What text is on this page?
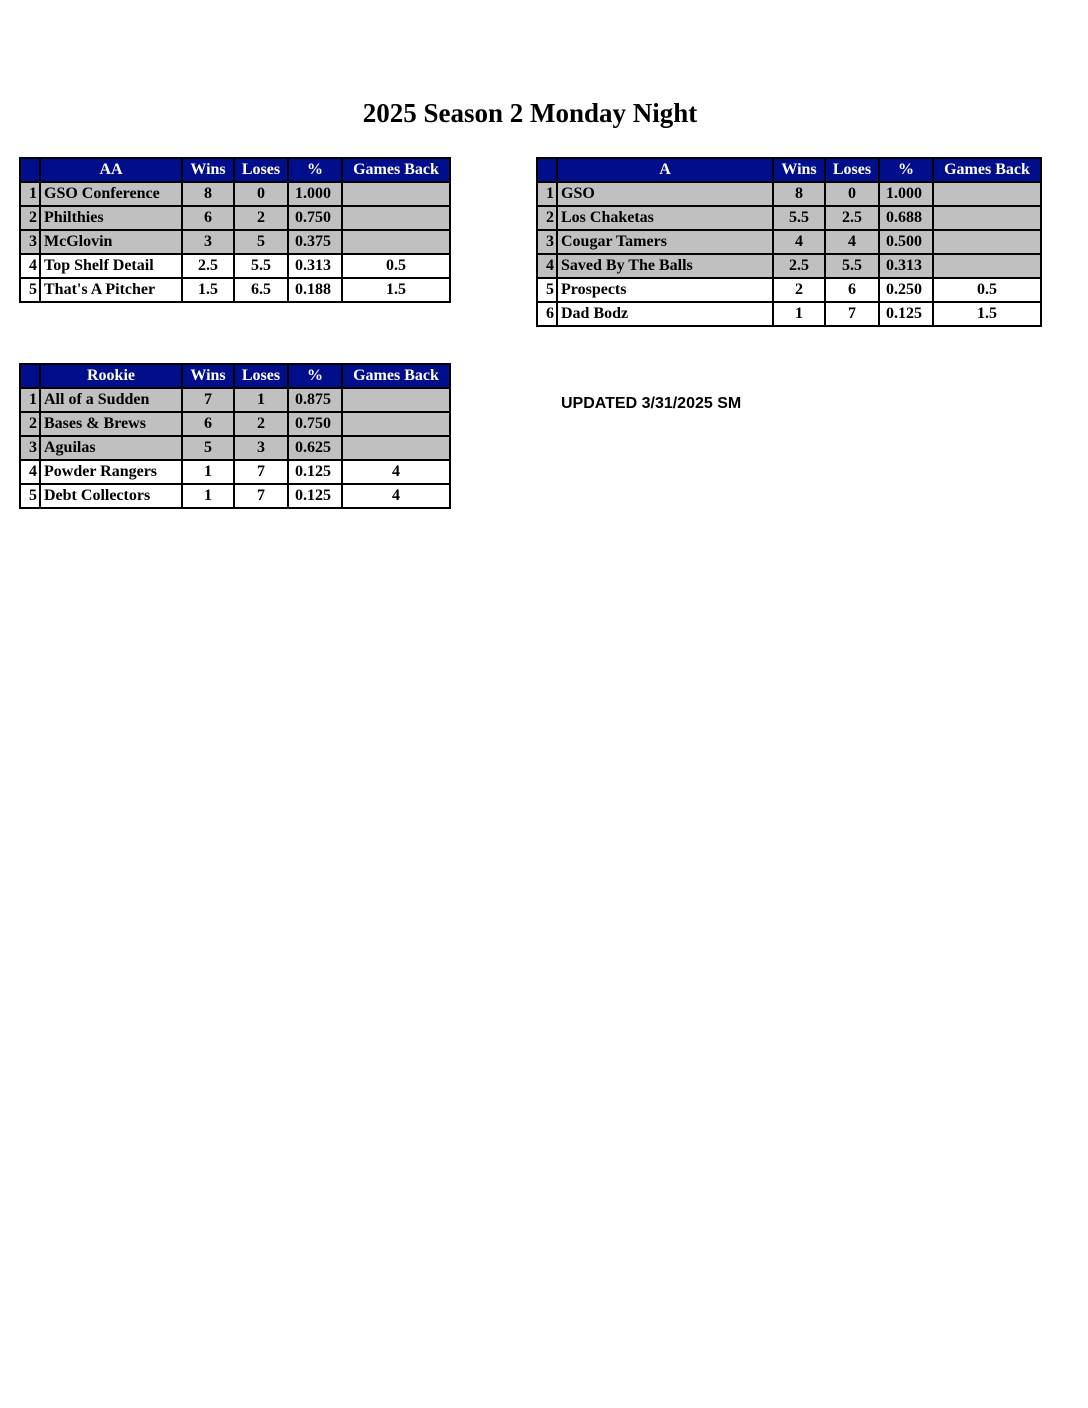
2025 Season 2 Monday Night
	AA	Wins	Loses	%	Games Back
1	GSO Conference	8	0	1.000	
2	Philthies	6	2	0.750	
3	McGlovin	3	5	0.375	
4	Top Shelf Detail	2.5	5.5	0.313	0.5
5	That's A Pitcher	1.5	6.5	0.188	1.5
	A	Wins	Loses	%	Games Back
1	GSO	8	0	1.000	
2	Los Chaketas	5.5	2.5	0.688	
3	Cougar Tamers	4	4	0.500	
4	Saved By The Balls	2.5	5.5	0.313	
5	Prospects	2	6	0.250	0.5
6	Dad Bodz	1	7	0.125	1.5
	Rookie	Wins	Loses	%	Games Back
1	All of a Sudden	7	1	0.875	
2	Bases & Brews	6	2	0.750	
3	Aguilas	5	3	0.625	
4	Powder Rangers	1	7	0.125	4
5	Debt Collectors	1	7	0.125	4
UPDATED 3/31/2025 SM
